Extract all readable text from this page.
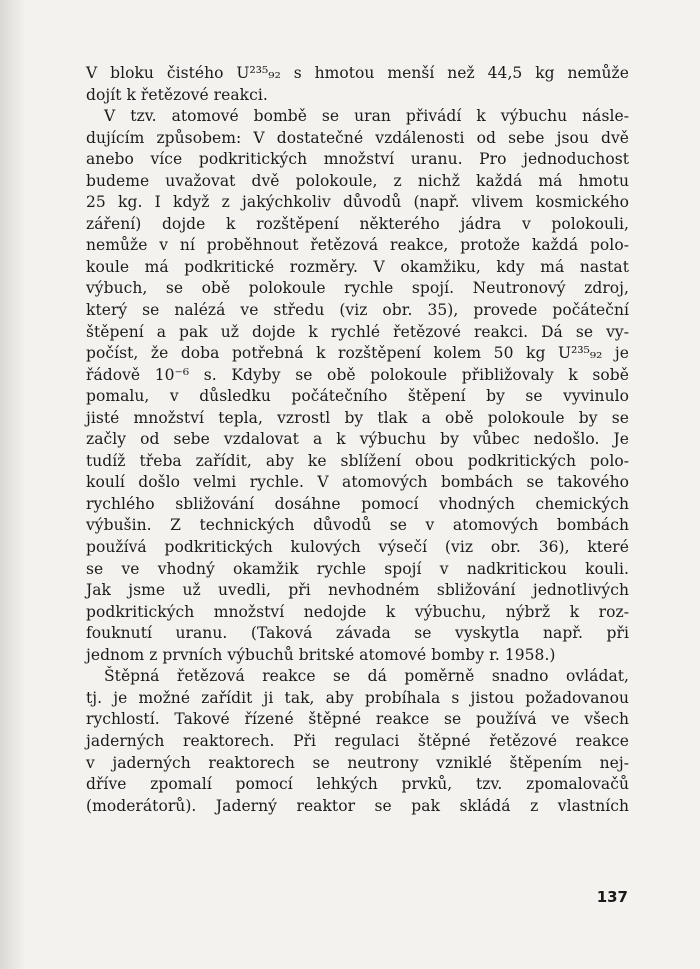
V bloku čistého U²³⁵₉₂ s hmotou menší než 44,5 kg nemůže
dojít k řetězové reakci.
V tzv. atomové bombě se uran přivádí k výbuchu násle-
dujícím způsobem: V dostatečné vzdálenosti od sebe jsou dvě
anebo více podkritických množství uranu. Pro jednoduchost
budeme uvažovat dvě polokoule, z nichž každá má hmotu
25 kg. I když z jakýchkoliv důvodů (např. vlivem kosmického
záření) dojde k rozštěpení některého jádra v polokouli,
nemůže v ní proběhnout řetězová reakce, protože každá polo-
koule má podkritické rozměry. V okamžiku, kdy má nastat
výbuch, se obě polokoule rychle spojí. Neutronový zdroj,
který se nalézá ve středu (viz obr. 35), provede počáteční
štěpení a pak už dojde k rychlé řetězové reakci. Dá se vy-
počíst, že doba potřebná k rozštěpení kolem 50 kg U²³⁵₉₂ je
řádově 10⁻⁶ s. Kdyby se obě polokoule přibližovaly k sobě
pomalu, v důsledku počátečního štěpení by se vyvinulo
jisté množství tepla, vzrostl by tlak a obě polokoule by se
začly od sebe vzdalovat a k výbuchu by vůbec nedošlo. Je
tudíž třeba zařídit, aby ke sblížení obou podkritických polo-
koulí došlo velmi rychle. V atomových bombách se takového
rychlého sbližování dosáhne pomocí vhodných chemických
výbušin. Z technických důvodů se v atomových bombách
používá podkritických kulových výsečí (viz obr. 36), které
se ve vhodný okamžik rychle spojí v nadkritickou kouli.
Jak jsme už uvedli, při nevhodném sbližování jednotlivých
podkritických množství nedojde k výbuchu, nýbrž k roz-
fouknutí uranu. (Taková závada se vyskytla např. při
jednom z prvních výbuchů britské atomové bomby r. 1958.)
Štěpná řetězová reakce se dá poměrně snadno ovládat,
tj. je možné zařídit ji tak, aby probíhala s jistou požadovanou
rychlostí. Takové řízené štěpné reakce se používá ve všech
jaderných reaktorech. Při regulaci štěpné řetězové reakce
v jaderných reaktorech se neutrony vzniklé štěpením nej-
dříve zpomalí pomocí lehkých prvků, tzv. zpomalovačů
(moderátorů). Jaderný reaktor se pak skládá z vlastních
137
